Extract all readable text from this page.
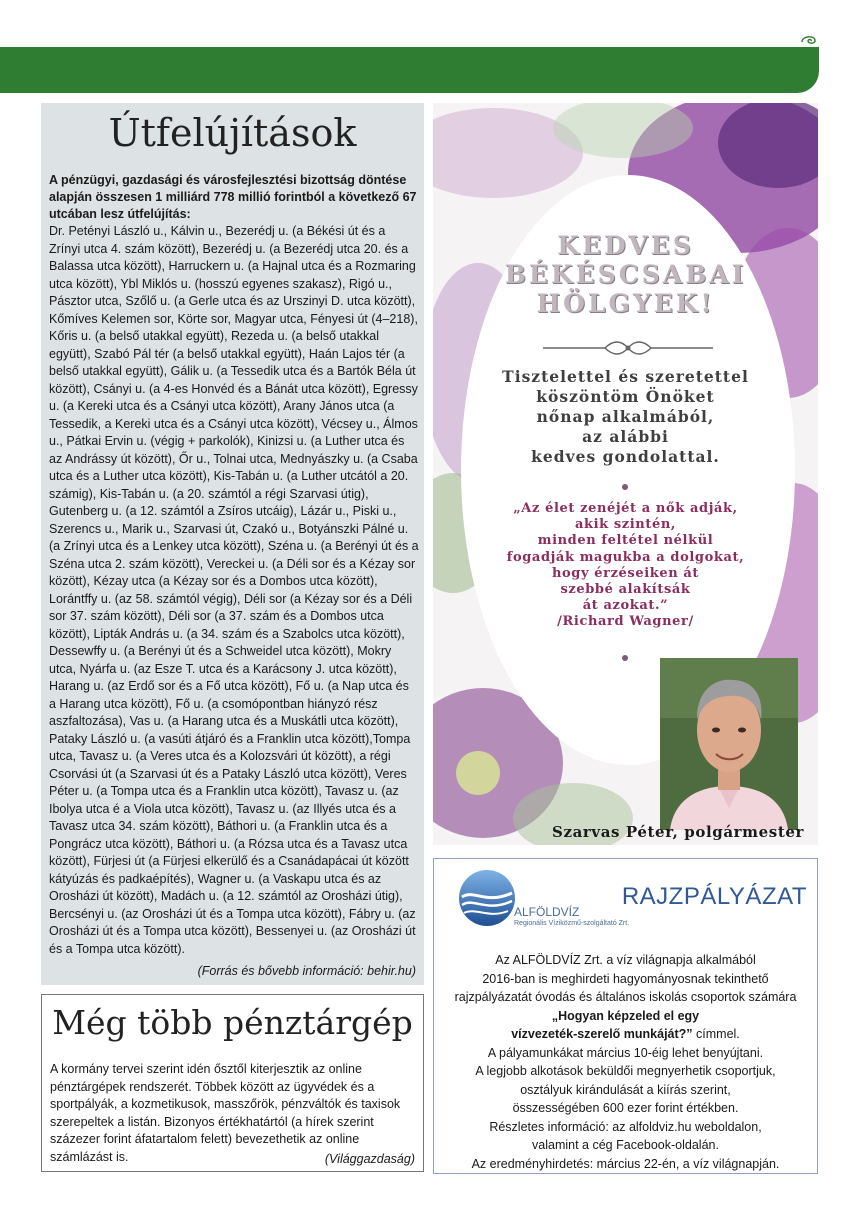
CSABAIAKTUÁLIS	3
Útfelújítások
A pénzügyi, gazdasági és városfejlesztési bizottság döntése alapján összesen 1 milliárd 778 millió forintból a következő 67 utcában lesz útfelújítás:
Dr. Petényi László u., Kálvin u., Bezerédj u. (a Békési út és a Zrínyi utca 4. szám között), Bezerédj u. (a Bezerédj utca 20. és a Balassa utca között), Harruckern u. (a Hajnal utca és a Rozmaring utca között), Ybl Miklós u. (hosszú egyenes szakasz), Rigó u., Pásztor utca, Szőlő u. (a Gerle utca és az Urszinyi D. utca között), Kőmíves Kelemen sor, Körte sor, Magyar utca, Fényesi út (4–218), Kőris u. (a belső utakkal együtt), Rezeda u. (a belső utakkal együtt), Szabó Pál tér (a belső utakkal együtt), Haán Lajos tér (a belső utakkal együtt), Gálik u. (a Tessedik utca és a Bartók Béla út között), Csányi u. (a 4-es Honvéd és a Bánát utca között), Egressy u. (a Kereki utca és a Csányi utca között), Arany János utca (a Tessedik, a Kereki utca és a Csányi utca között), Vécsey u., Álmos u., Pátkai Ervin u. (végig + parkolók), Kinizsi u. (a Luther utca és az Andrássy út között), Őr u., Tolnai utca, Mednyászky u. (a Csaba utca és a Luther utca között), Kis-Tabán u. (a Luther utcától a 20. számig), Kis-Tabán u. (a 20. számtól a régi Szarvasi útig), Gutenberg u. (a 12. számtól a Zsíros utcáig), Lázár u., Piski u., Szerencs u., Marik u., Szarvasi út, Czakó u., Botyánszki Pálné u. (a Zrínyi utca és a Lenkey utca között), Széna u. (a Berényi út és a Széna utca 2. szám között), Vereckei u. (a Déli sor és a Kézay sor között), Kézay utca (a Kézay sor és a Dombos utca között), Lorántffy u. (az 58. számtól végig), Déli sor (a Kézay sor és a Déli sor 37. szám között), Déli sor (a 37. szám és a Dombos utca között), Lipták András u. (a 34. szám és a Szabolcs utca között), Dessewffy u. (a Berényi út és a Schweidel utca között), Mokry utca, Nyárfa u. (az Esze T. utca és a Karácsony J. utca között), Harang u. (az Erdő sor és a Fő utca között), Fő u. (a Nap utca és a Harang utca között), Fő u. (a csomópontban hiányzó rész aszfaltozása), Vas u. (a Harang utca és a Muskátli utca között), Pataky László u. (a vasúti átjáró és a Franklin utca között),Tompa utca, Tavasz u. (a Veres utca és a Kolozsvári út között), a régi Csorvási út (a Szarvasi út és a Pataky László utca között), Veres Péter u. (a Tompa utca és a Franklin utca között), Tavasz u. (az Ibolya utca é a Viola utca között), Tavasz u. (az Illyés utca és a Tavasz utca 34. szám között), Báthori u. (a Franklin utca és a Pongrácz utca között), Báthori u. (a Rózsa utca és a Tavasz utca között), Fürjesi út (a Fürjesi elkerülő és a Csanádapácai út között kátyúzás és padkaépítés), Wagner u. (a Vaskapu utca és az Orosházi út között), Madách u. (a 12. számtól az Orosházi útig), Bercsényi u. (az Orosházi út és a Tompa utca között), Fábry u. (az Orosházi út és a Tompa utca között), Bessenyei u. (az Orosházi út és a Tompa utca között).
(Forrás és bővebb információ: behir.hu)
Még több pénztárgép
A kormány tervei szerint idén ősztől kiterjesztik az online pénztárgépek rendszerét. Többek között az ügyvédek és a sportpályák, a kozmetikusok, masszőrök, pénzváltók és taxisok szerepeltek a listán. Bizonyos értékhatártól (a hírek szerint százezer forint áfatartalom felett) bevezethetik az online számlázást is.	(Világgazdaság)
KEDVES
BÉKÉSCSABAI
HÖLGYEK!
Tisztelettel és szeretettel
köszöntöm Önöket
nőnap alkalmából,
az alábbi
kedves gondolattal.
„Az élet zenéjét a nők adják,
akik szintén,
minden feltétel nélkül
fogadják magukba a dolgokat,
hogy érzéseiken át
szebbé alakítsák
át azokat.”
/Richard Wagner/
Szarvas Péter, polgármester
ALFÖLDVÍZ
Regionális Víziközmű-szolgáltató Zrt.
RAJZPÁLYÁZAT
Az ALFÖLDVÍZ Zrt. a víz világnapja alkalmából
2016-ban is meghirdeti hagyományosnak tekinthető
rajzpályázatát óvodás és általános iskolás csoportok számára
„Hogyan képzeled el egy
vízvezeték-szerelő munkáját?” címmel.
A pályamunkákat március 10-éig lehet benyújtani.
A legjobb alkotások beküldői megnyerhetik csoportjuk,
osztályuk kirándulását a kiírás szerint,
összességében 600 ezer forint értékben.
Részletes információ: az alfoldviz.hu weboldalon,
valamint a cég Facebook-oldalán.
Az eredményhirdetés: március 22-én, a víz világnapján.
